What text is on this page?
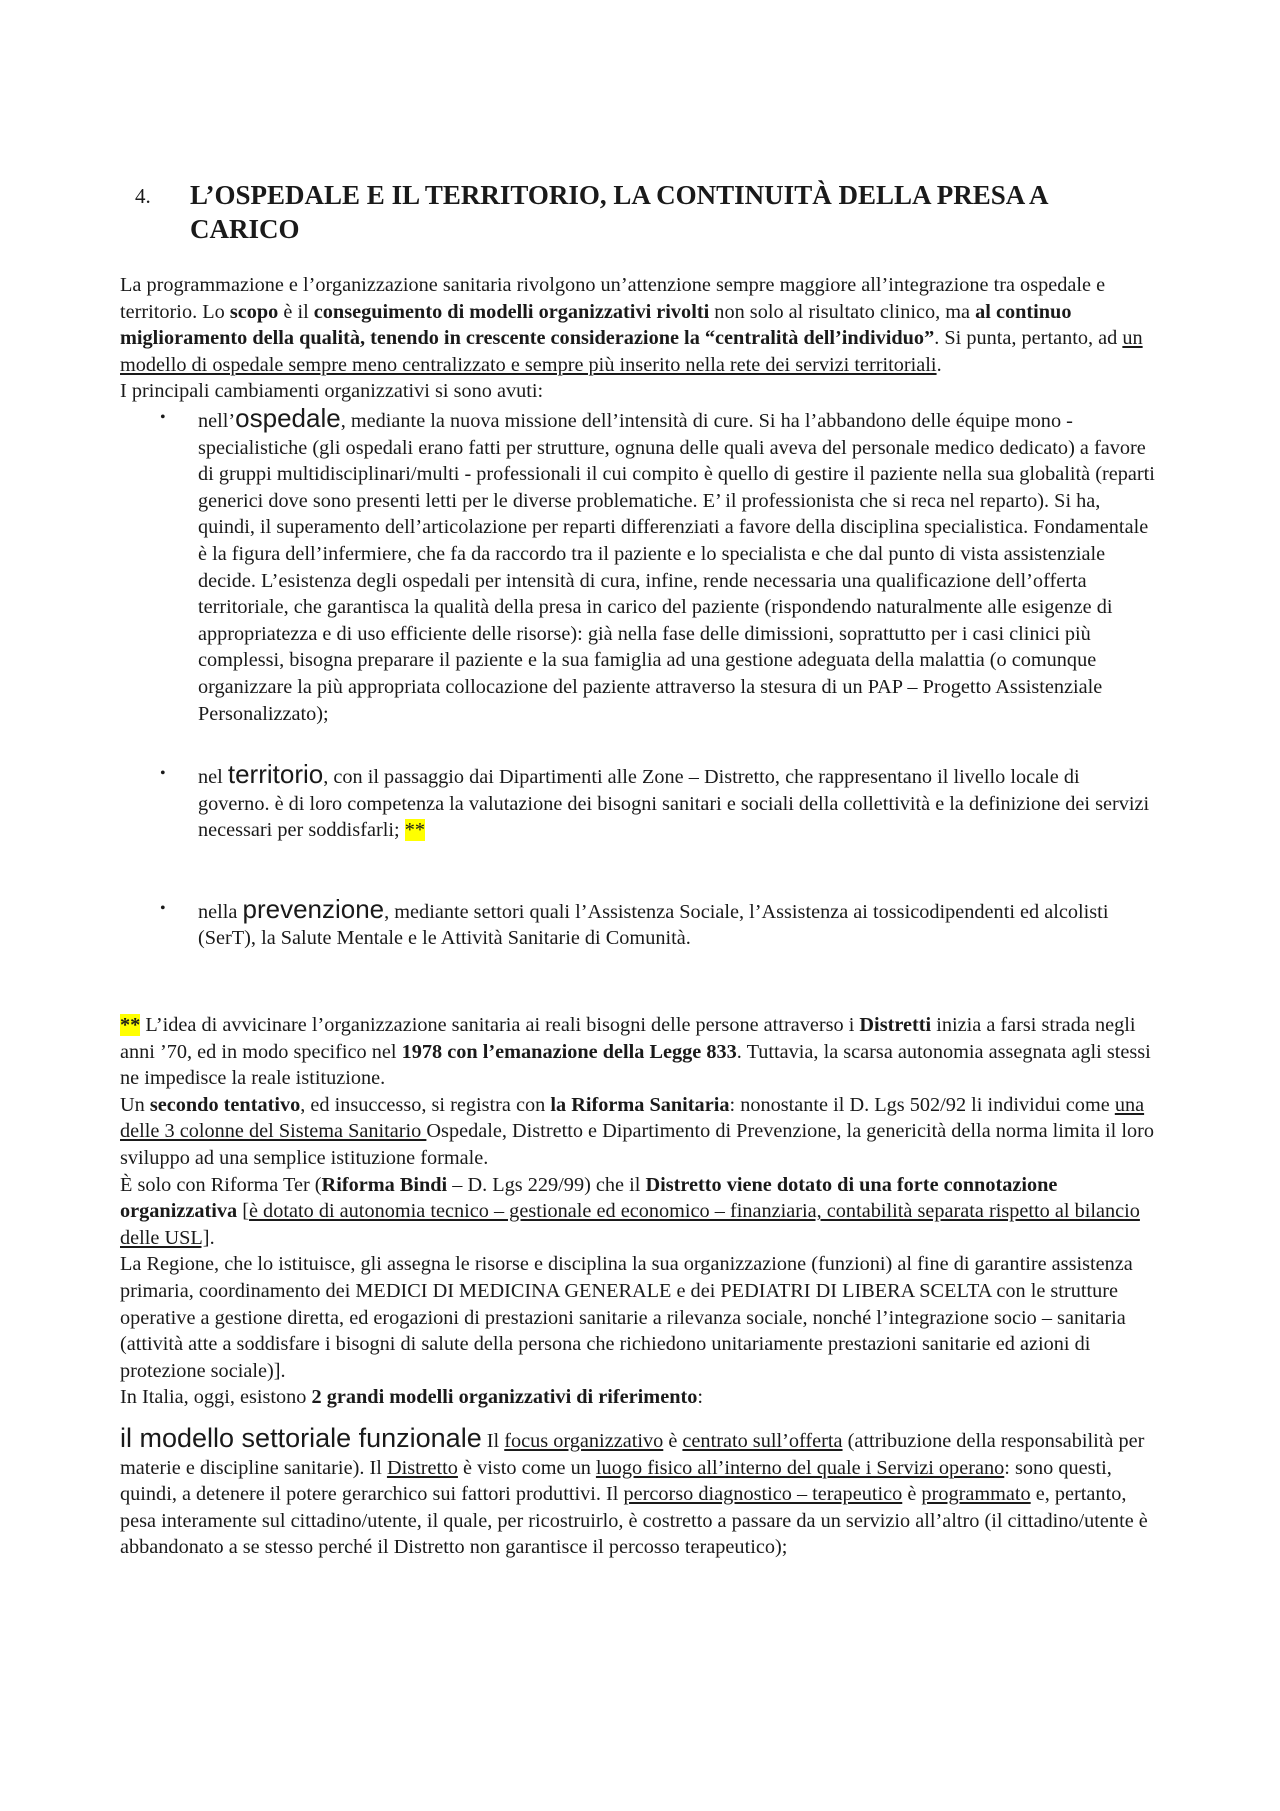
4.	L’OSPEDALE E IL TERRITORIO, LA CONTINUITÀ DELLA PRESA A CARICO

La programmazione e l’organizzazione sanitaria rivolgono un’attenzione sempre maggiore all’integrazione tra ospedale e territorio. Lo scopo è il conseguimento di modelli organizzativi rivolti non solo al risultato clinico, ma al continuo miglioramento della qualità, tenendo in crescente considerazione la “centralità dell’individuo”. Si punta, pertanto, ad un modello di ospedale sempre meno centralizzato e sempre più inserito nella rete dei servizi territoriali.

I principali cambiamenti organizzativi si sono avuti:

• nell’ospedale, mediante la nuova missione dell’intensità di cure. Si ha l’abbandono delle équipe mono - specialistiche (gli ospedali erano fatti per strutture, ognuna delle quali aveva del personale medico dedicato) a favore di gruppi multidisciplinari/multi - professionali il cui compito è quello di gestire il paziente nella sua globalità (reparti generici dove sono presenti letti per le diverse problematiche. E’ il professionista che si reca nel reparto). Si ha, quindi, il superamento dell’articolazione per reparti differenziati a favore della disciplina specialistica. Fondamentale è la figura dell’infermiere, che fa da raccordo tra il paziente e lo specialista e che dal punto di vista assistenziale decide. L’esistenza degli ospedali per intensità di cura, infine, rende necessaria una qualificazione dell’offerta territoriale, che garantisca la qualità della presa in carico del paziente (rispondendo naturalmente alle esigenze di appropriatezza e di uso efficiente delle risorse): già nella fase delle dimissioni, soprattutto per i casi clinici più complessi, bisogna preparare il paziente e la sua famiglia ad una gestione adeguata della malattia (o comunque organizzare la più appropriata collocazione del paziente attraverso la stesura di un PAP – Progetto Assistenziale Personalizzato);
• nel territorio, con il passaggio dai Dipartimenti alle Zone – Distretto, che rappresentano il livello locale di governo. è di loro competenza la valutazione dei bisogni sanitari e sociali della collettività e la definizione dei servizi necessari per soddisfarli; **
• nella prevenzione, mediante settori quali l’Assistenza Sociale, l’Assistenza ai tossicodipendenti ed alcolisti (SerT), la Salute Mentale e le Attività Sanitarie di Comunità.

** L’idea di avvicinare l’organizzazione sanitaria ai reali bisogni delle persone attraverso i Distretti inizia a farsi strada negli anni ’70, ed in modo specifico nel 1978 con l’emanazione della Legge 833. Tuttavia, la scarsa autonomia assegnata agli stessi ne impedisce la reale istituzione.

Un secondo tentativo, ed insuccesso, si registra con la Riforma Sanitaria: nonostante il D. Lgs 502/92 li individui come una delle 3 colonne del Sistema Sanitario Ospedale, Distretto e Dipartimento di Prevenzione, la genericità della norma limita il loro sviluppo ad una semplice istituzione formale.

È solo con Riforma Ter (Riforma Bindi – D. Lgs 229/99) che il Distretto viene dotato di una forte connotazione organizzativa [è dotato di autonomia tecnico – gestionale ed economico – finanziaria, contabilità separata rispetto al bilancio delle USL].

La Regione, che lo istituisce, gli assegna le risorse e disciplina la sua organizzazione (funzioni) al fine di garantire assistenza primaria, coordinamento dei MEDICI DI MEDICINA GENERALE e dei PEDIATRI DI LIBERA SCELTA con le strutture operative a gestione diretta, ed erogazioni di prestazioni sanitarie a rilevanza sociale, nonché l’integrazione socio – sanitaria (attività atte a soddisfare i bisogni di salute della persona che richiedono unitariamente prestazioni sanitarie ed azioni di protezione sociale)].

In Italia, oggi, esistono 2 grandi modelli organizzativi di riferimento:

il modello settoriale funzionale Il focus organizzativo è centrato sull’offerta (attribuzione della responsabilità per materie e discipline sanitarie). Il Distretto è visto come un luogo fisico all’interno del quale i Servizi operano: sono questi, quindi, a detenere il potere gerarchico sui fattori produttivi. Il percorso diagnostico – terapeutico è programmato e, pertanto, pesa interamente sul cittadino/utente, il quale, per ricostruirlo, è costretto a passare da un servizio all’altro (il cittadino/utente è abbandonato a se stesso perché il Distretto non garantisce il percosso terapeutico);
